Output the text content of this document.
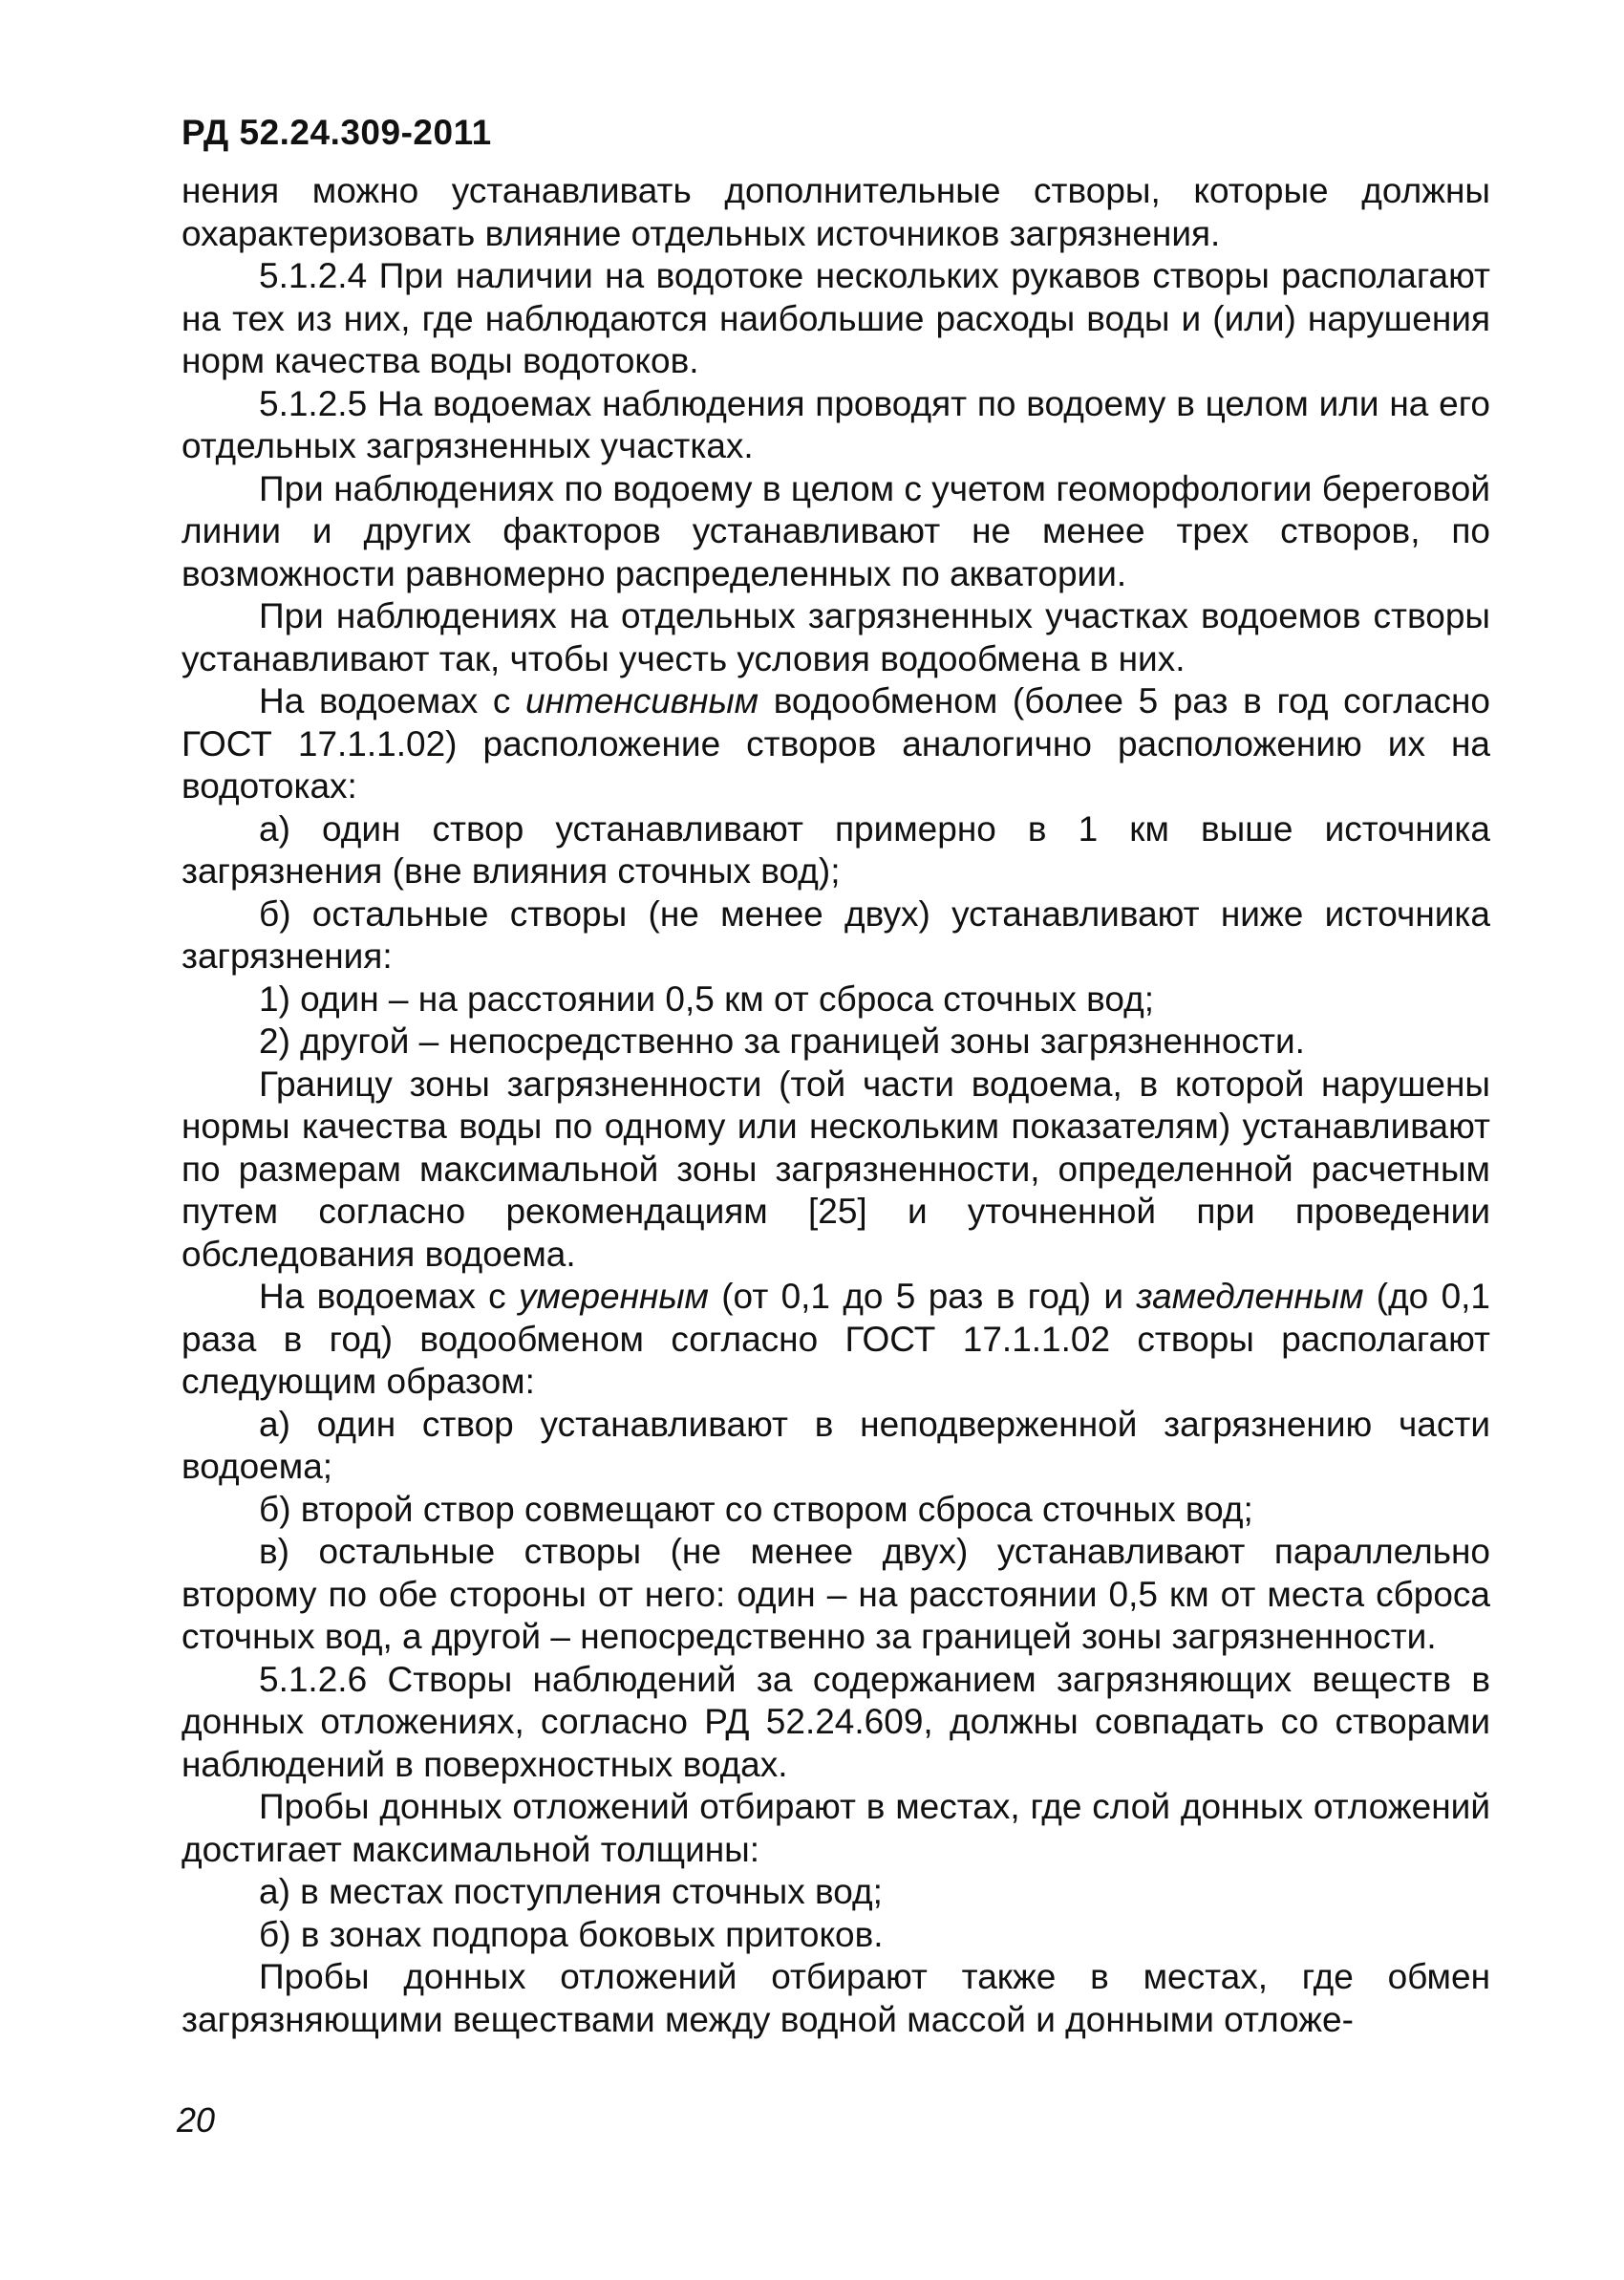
РД 52.24.309-2011

нения можно устанавливать дополнительные створы, которые должны охарактеризовать влияние отдельных источников загрязнения.

5.1.2.4 При наличии на водотоке нескольких рукавов створы располагают на тех из них, где наблюдаются наибольшие расходы воды и (или) нарушения норм качества воды водотоков.

5.1.2.5 На водоемах наблюдения проводят по водоему в целом или на его отдельных загрязненных участках.

При наблюдениях по водоему в целом с учетом геоморфологии береговой линии и других факторов устанавливают не менее трех створов, по возможности равномерно распределенных по акватории.

При наблюдениях на отдельных загрязненных участках водоемов створы устанавливают так, чтобы учесть условия водообмена в них.

На водоемах с интенсивным водообменом (более 5 раз в год согласно ГОСТ 17.1.1.02) расположение створов аналогично расположению их на водотоках:

а) один створ устанавливают примерно в 1 км выше источника загрязнения (вне влияния сточных вод);

б) остальные створы (не менее двух) устанавливают ниже источника загрязнения:

1) один – на расстоянии 0,5 км от сброса сточных вод;

2) другой – непосредственно за границей зоны загрязненности.

Границу зоны загрязненности (той части водоема, в которой нарушены нормы качества воды по одному или нескольким показателям) устанавливают по размерам максимальной зоны загрязненности, определенной расчетным путем согласно рекомендациям [25] и уточненной при проведении обследования водоема.

На водоемах с умеренным (от 0,1 до 5 раз в год) и замедленным (до 0,1 раза в год) водообменом согласно ГОСТ 17.1.1.02 створы располагают следующим образом:

а) один створ устанавливают в неподверженной загрязнению части водоема;

б) второй створ совмещают со створом сброса сточных вод;

в) остальные створы (не менее двух) устанавливают параллельно второму по обе стороны от него: один – на расстоянии 0,5 км от места сброса сточных вод, а другой – непосредственно за границей зоны загрязненности.

5.1.2.6 Створы наблюдений за содержанием загрязняющих веществ в донных отложениях, согласно РД 52.24.609, должны совпадать со створами наблюдений в поверхностных водах.

Пробы донных отложений отбирают в местах, где слой донных отложений достигает максимальной толщины:

а) в местах поступления сточных вод;

б) в зонах подпора боковых притоков.

Пробы донных отложений отбирают также в местах, где обмен загрязняющими веществами между водной массой и донными отложе-

20
